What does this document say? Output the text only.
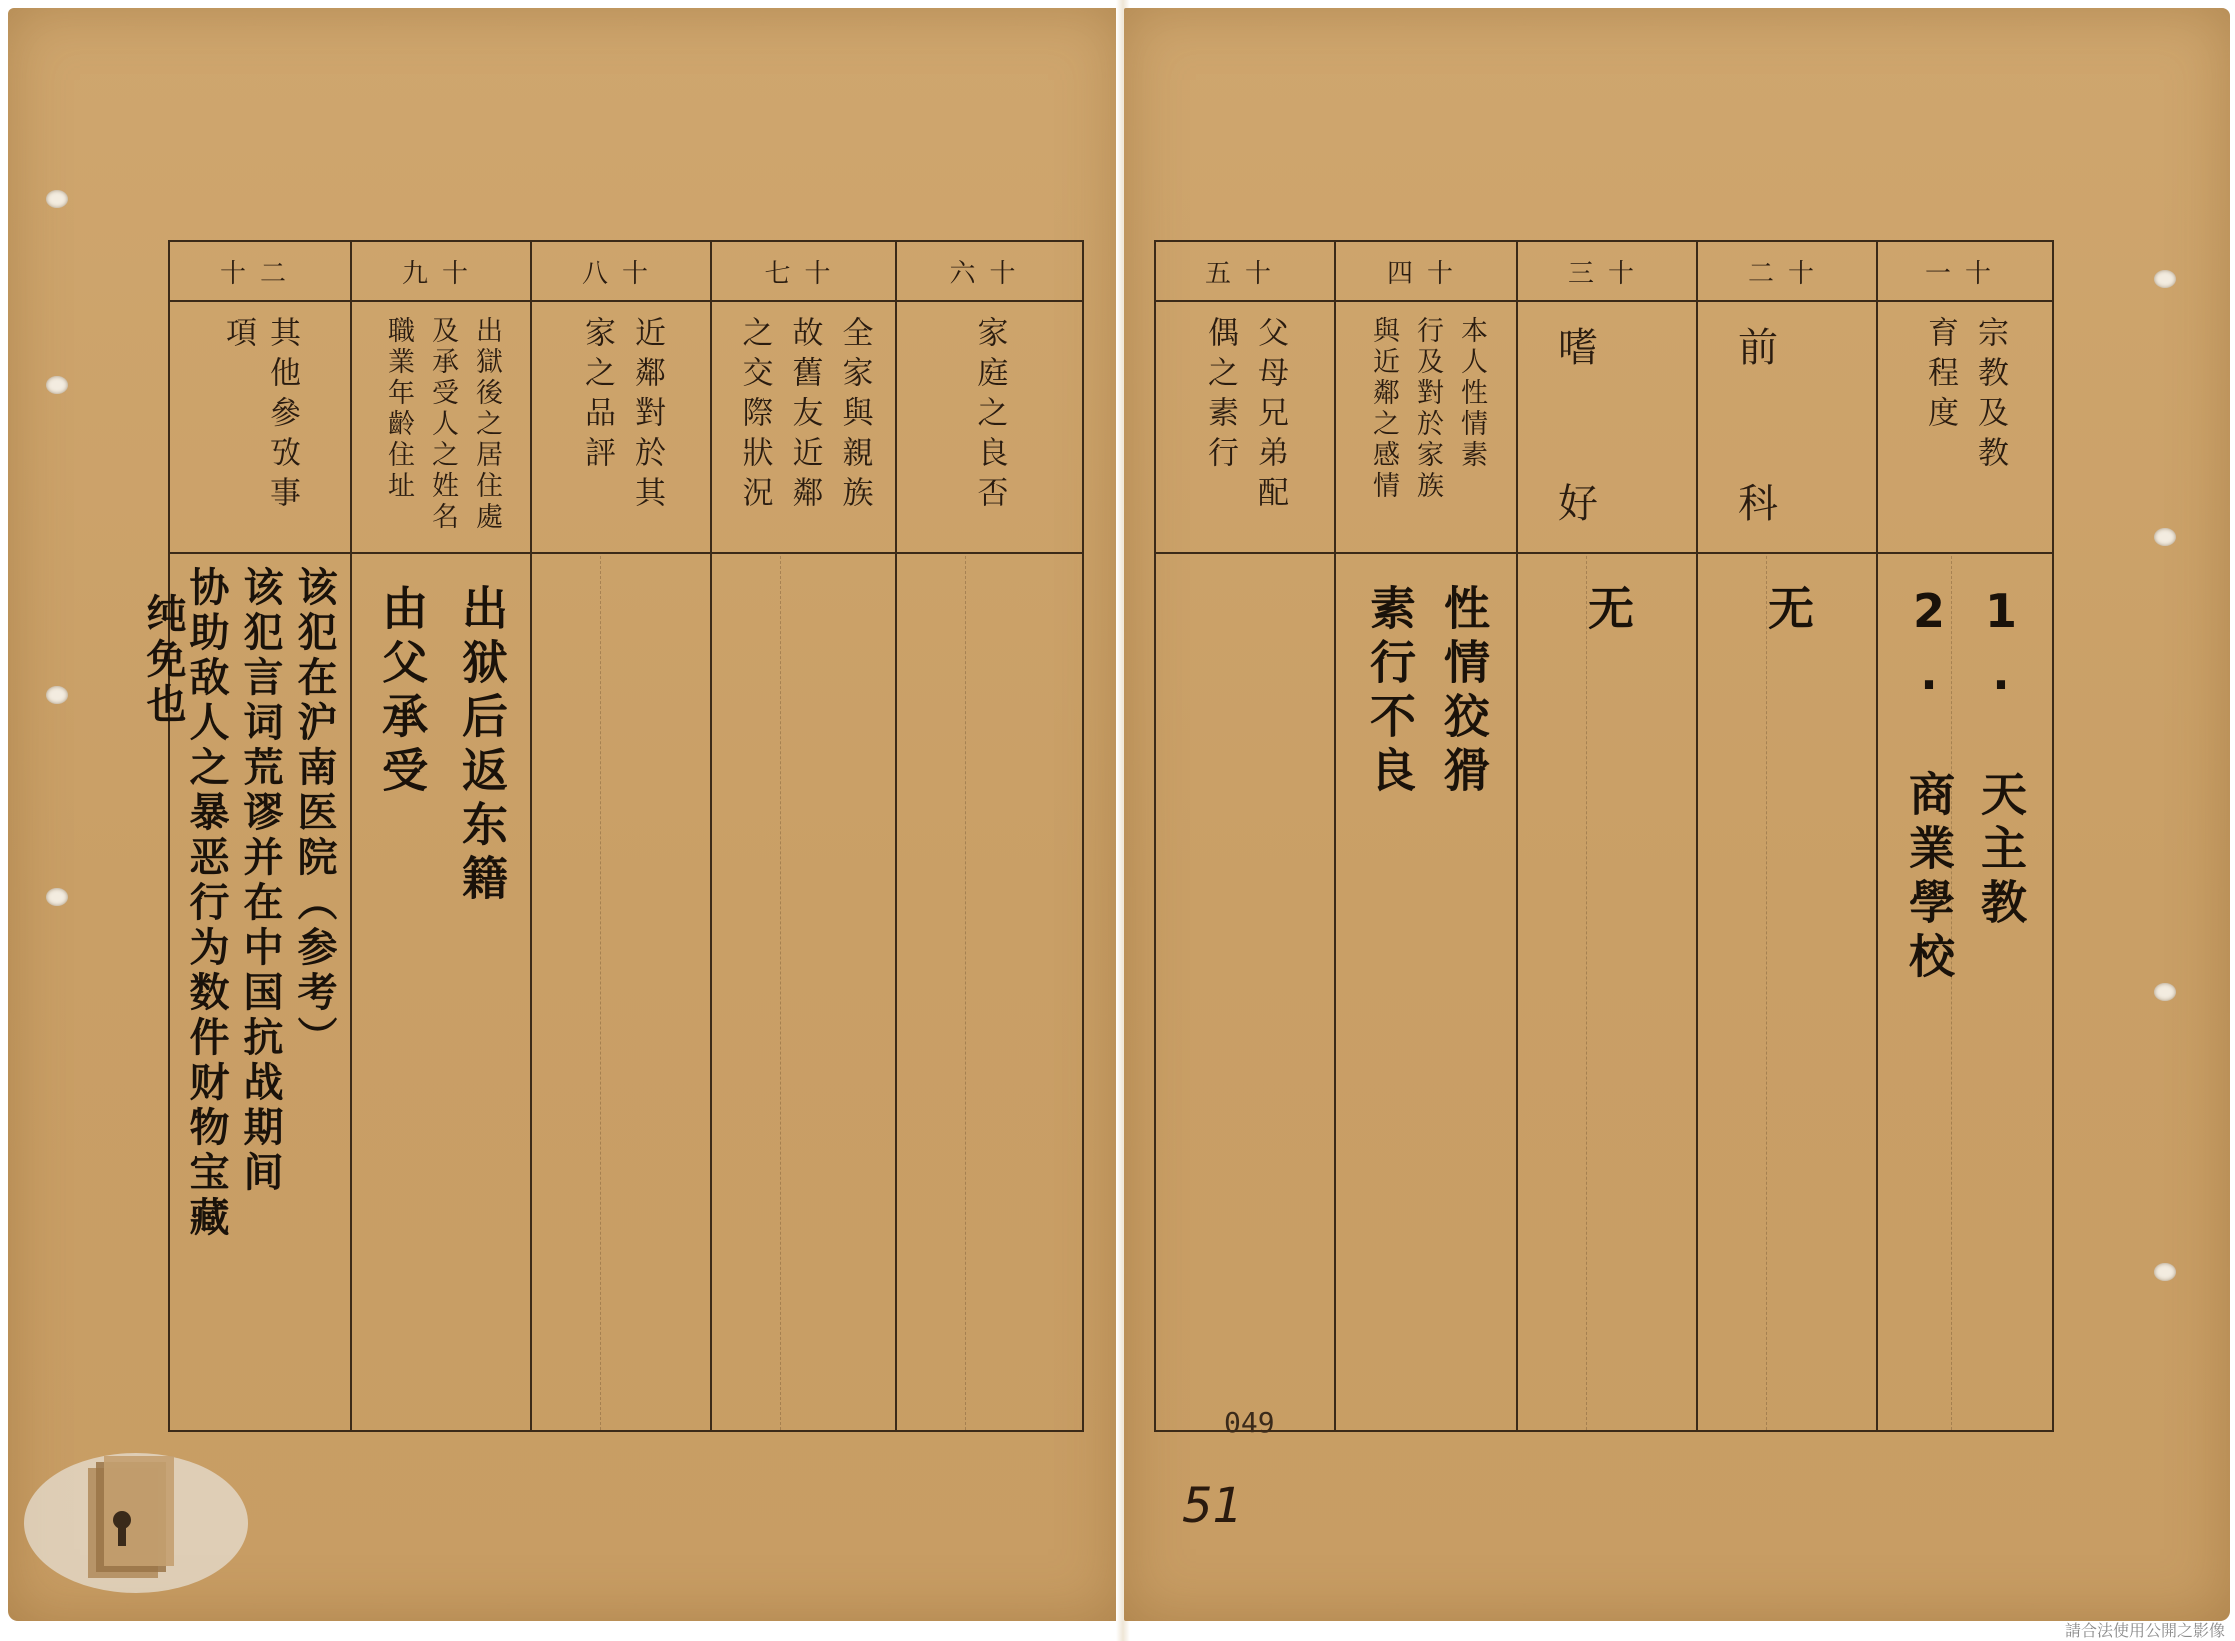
十二
其他參攷事項
该犯在沪南医院（参考）
该犯言词荒谬并在中国抗战期间
协助敌人之暴恶行为数件财物宝藏
九十
出獄後之居住處
及承受人之姓名
職業年齡住址
出狱后返东籍
由父承受
八十
近鄰對於其
家之品評
七十
全家與親族
故舊友近鄰
之交際狀況
六十
家庭之良否
纯免也
五十
父母兄弟配
偶之素行
四十
本人性情素
行及對於家族
與近鄰之感情
性情狡猾
素行不良
三十
嗜
好
无
二十
前
科
无
一十
宗教及教
育程度
1. 天主教
2. 商業學校
049
51
請合法使用公開之影像
